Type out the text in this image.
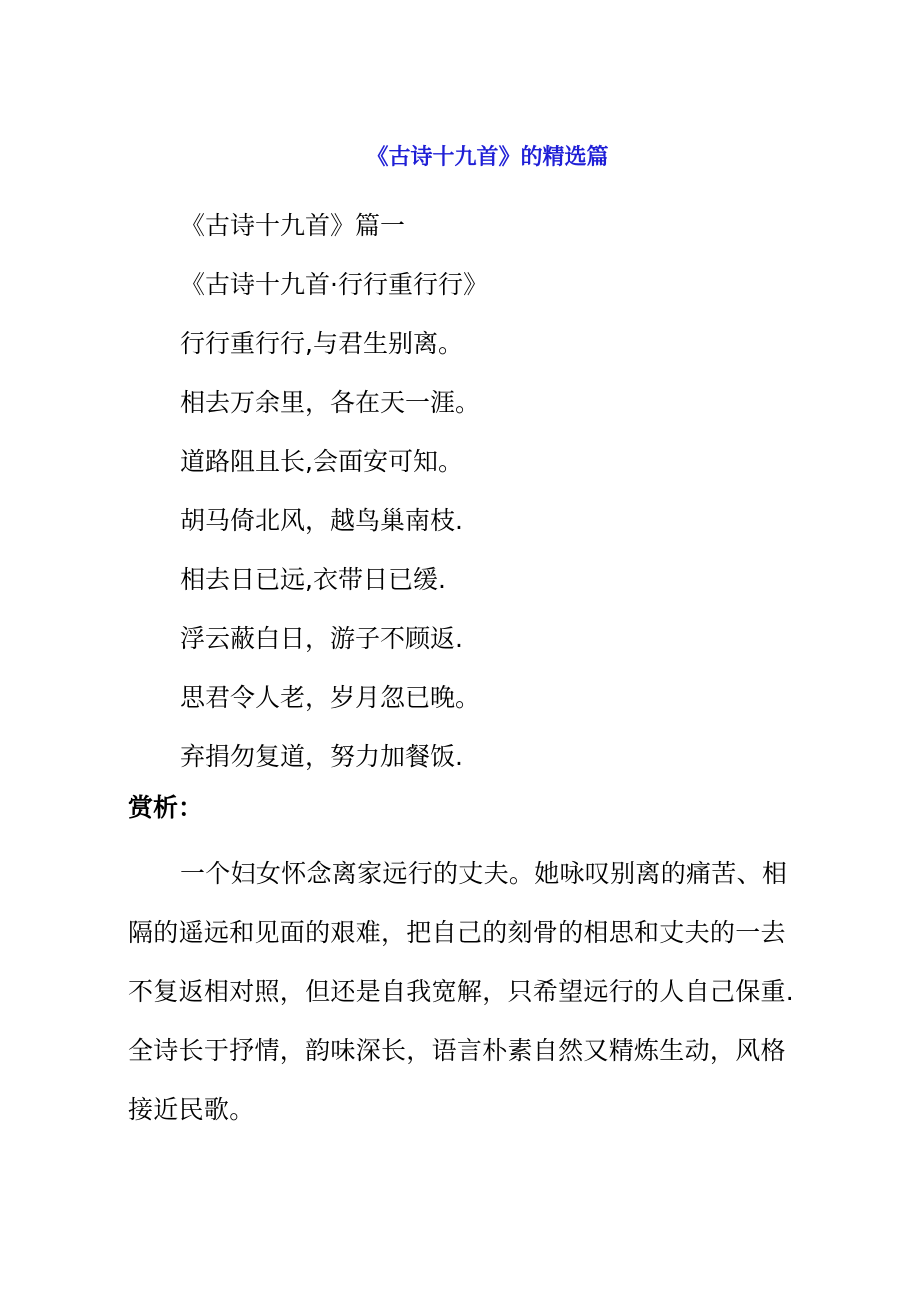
《古诗十九首》的精选篇
《古诗十九首》篇一
《古诗十九首·行行重行行》
行行重行行,与君生别离。
相去万余里，各在天一涯。
道路阻且长,会面安可知。
胡马倚北风，越鸟巢南枝.
相去日已远,衣带日已缓.
浮云蔽白日，游子不顾返.
思君令人老，岁月忽已晚。
弃捐勿复道，努力加餐饭.
赏析：
一个妇女怀念离家远行的丈夫。她咏叹别离的痛苦、相
隔的遥远和见面的艰难，把自己的刻骨的相思和丈夫的一去
不复返相对照，但还是自我宽解，只希望远行的人自己保重.
全诗长于抒情，韵味深长，语言朴素自然又精炼生动，风格
接近民歌。
